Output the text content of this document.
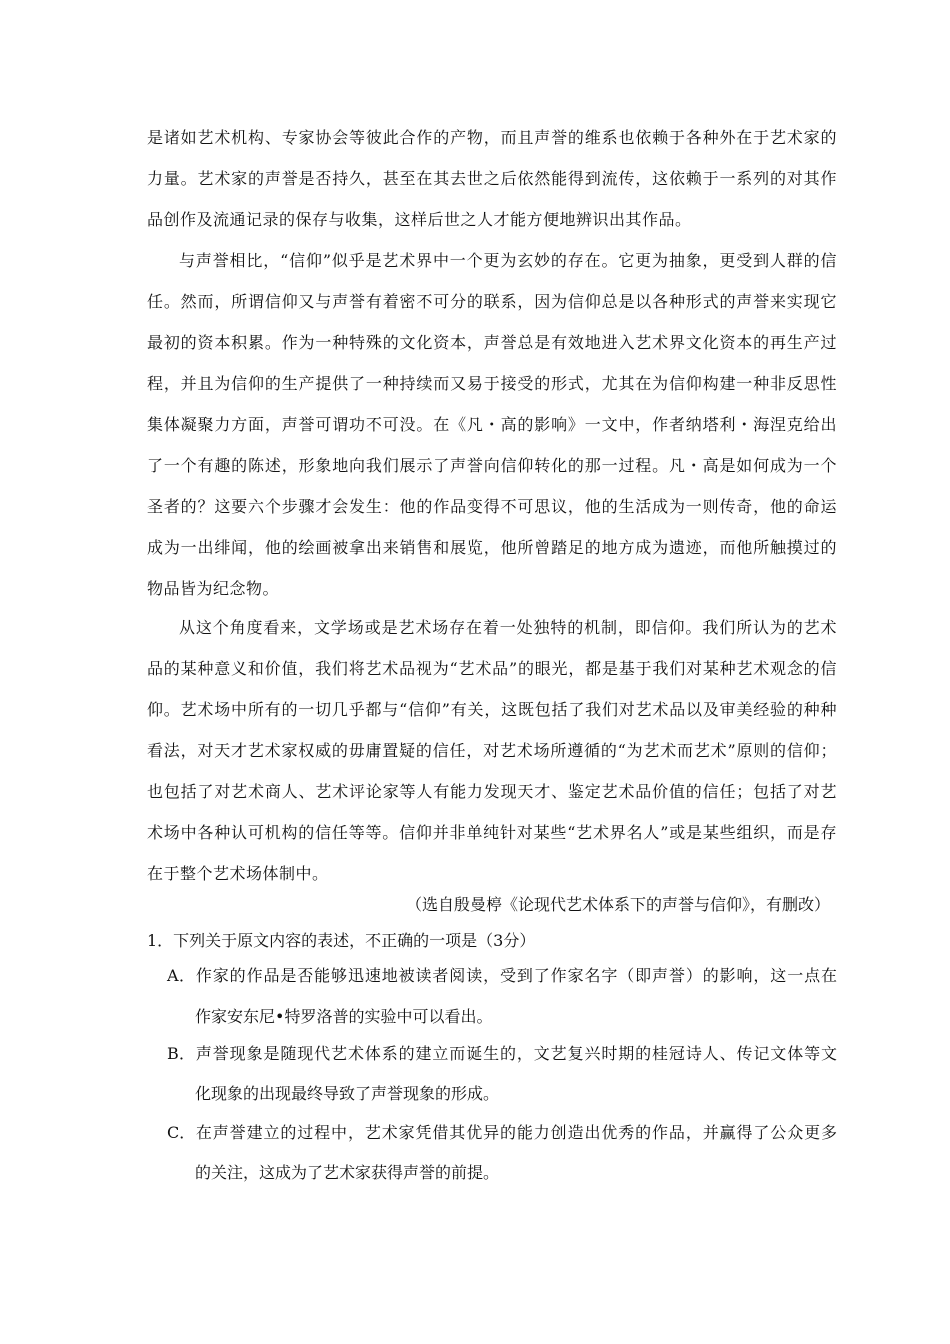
是诸如艺术机构、专家协会等彼此合作的产物，而且声誉的维系也依赖于各种外在于艺术家的
力量。艺术家的声誉是否持久，甚至在其去世之后依然能得到流传，这依赖于一系列的对其作
品创作及流通记录的保存与收集，这样后世之人才能方便地辨识出其作品。
与声誉相比，“信仰”似乎是艺术界中一个更为玄妙的存在。它更为抽象，更受到人群的信
任。然而，所谓信仰又与声誉有着密不可分的联系，因为信仰总是以各种形式的声誉来实现它
最初的资本积累。作为一种特殊的文化资本，声誉总是有效地进入艺术界文化资本的再生产过
程，并且为信仰的生产提供了一种持续而又易于接受的形式，尤其在为信仰构建一种非反思性
集体凝聚力方面，声誉可谓功不可没。在《凡・高的影响》一文中，作者纳塔利・海涅克给出
了一个有趣的陈述，形象地向我们展示了声誉向信仰转化的那一过程。凡・高是如何成为一个
圣者的？这要六个步骤才会发生：他的作品变得不可思议，他的生活成为一则传奇，他的命运
成为一出绯闻，他的绘画被拿出来销售和展览，他所曾踏足的地方成为遗迹，而他所触摸过的
物品皆为纪念物。
从这个角度看来，文学场或是艺术场存在着一处独特的机制，即信仰。我们所认为的艺术
品的某种意义和价值，我们将艺术品视为“艺术品”的眼光，都是基于我们对某种艺术观念的信
仰。艺术场中所有的一切几乎都与“信仰”有关，这既包括了我们对艺术品以及审美经验的种种
看法，对天才艺术家权威的毋庸置疑的信任，对艺术场所遵循的“为艺术而艺术”原则的信仰；
也包括了对艺术商人、艺术评论家等人有能力发现天才、鉴定艺术品价值的信任；包括了对艺
术场中各种认可机构的信任等等。信仰并非单纯针对某些“艺术界名人”或是某些组织，而是存
在于整个艺术场体制中。
（选自殷曼楟《论现代艺术体系下的声誉与信仰》，有删改）
1．下列关于原文内容的表述，不正确的一项是（3分）
A．作家的作品是否能够迅速地被读者阅读，受到了作家名字（即声誉）的影响，这一点在
作家安东尼•特罗洛普的实验中可以看出。
B．声誉现象是随现代艺术体系的建立而诞生的，文艺复兴时期的桂冠诗人、传记文体等文
化现象的出现最终导致了声誉现象的形成。
C．在声誉建立的过程中，艺术家凭借其优异的能力创造出优秀的作品，并赢得了公众更多
的关注，这成为了艺术家获得声誉的前提。
